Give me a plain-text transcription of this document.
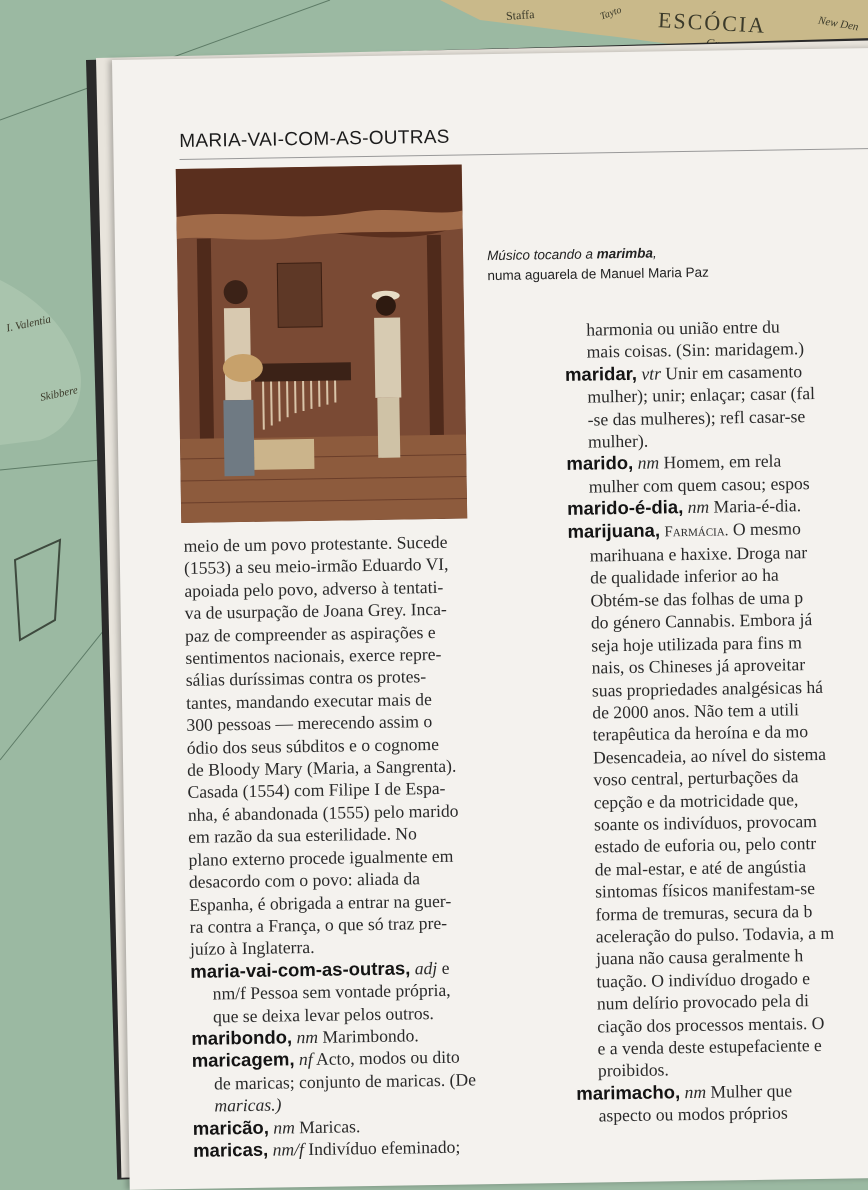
Staffa	ESCÓCIA
I. Valentia
Skibbere
Tayto
New Den
MARIA-VAI-COM-AS-OUTRAS
Músico tocando a marimba,
numa aguarela de Manuel Maria Paz
meio de um povo protestante. Sucede
(1553) a seu meio-irmão Eduardo VI,
apoiada pelo povo, adverso à tentati-
va de usurpação de Joana Grey. Inca-
paz de compreender as aspirações e
sentimentos nacionais, exerce repre-
sálias duríssimas contra os protes-
tantes, mandando executar mais de
300 pessoas — merecendo assim o
ódio dos seus súbditos e o cognome
de Bloody Mary (Maria, a Sangrenta).
Casada (1554) com Filipe I de Espa-
nha, é abandonada (1555) pelo marido
em razão da sua esterilidade. No
plano externo procede igualmente em
desacordo com o povo: aliada da
Espanha, é obrigada a entrar na guer-
ra contra a França, o que só traz pre-
juízo à Inglaterra.
maria-vai-com-as-outras, adj e
nm/f Pessoa sem vontade própria,
que se deixa levar pelos outros.
maribondo, nm Marimbondo.
maricagem, nf Acto, modos ou dito
de maricas; conjunto de maricas. (De
maricas.)
maricão, nm Maricas.
maricas, nm/f Indivíduo efeminado;
harmonia ou união entre du
mais coisas. (Sin: maridagem.)
maridar, vtr Unir em casamento
mulher); unir; enlaçar; casar (fal
-se das mulheres); refl casar-se
mulher).
marido, nm Homem, em rela
mulher com quem casou; espos
marido-é-dia, nm Maria-é-dia.
marijuana, Farmácia. O mesmo
marihuana e haxixe. Droga nar
de qualidade inferior ao ha
Obtém-se das folhas de uma p
do género Cannabis. Embora já
seja hoje utilizada para fins m
nais, os Chineses já aproveitar
suas propriedades analgésicas há
de 2000 anos. Não tem a utili
terapêutica da heroína e da mo
Desencadeia, ao nível do sistema
voso central, perturbações da
cepção e da motricidade que,
soante os indivíduos, provocam
estado de euforia ou, pelo contr
de mal-estar, e até de angústia
sintomas físicos manifestam-se
forma de tremuras, secura da b
aceleração do pulso. Todavia, a m
juana não causa geralmente h
tuação. O indivíduo drogado e
num delírio provocado pela di
ciação dos processos mentais. O
e a venda deste estupefaciente e
proibidos.
marimacho, nm Mulher que
aspecto ou modos próprios
